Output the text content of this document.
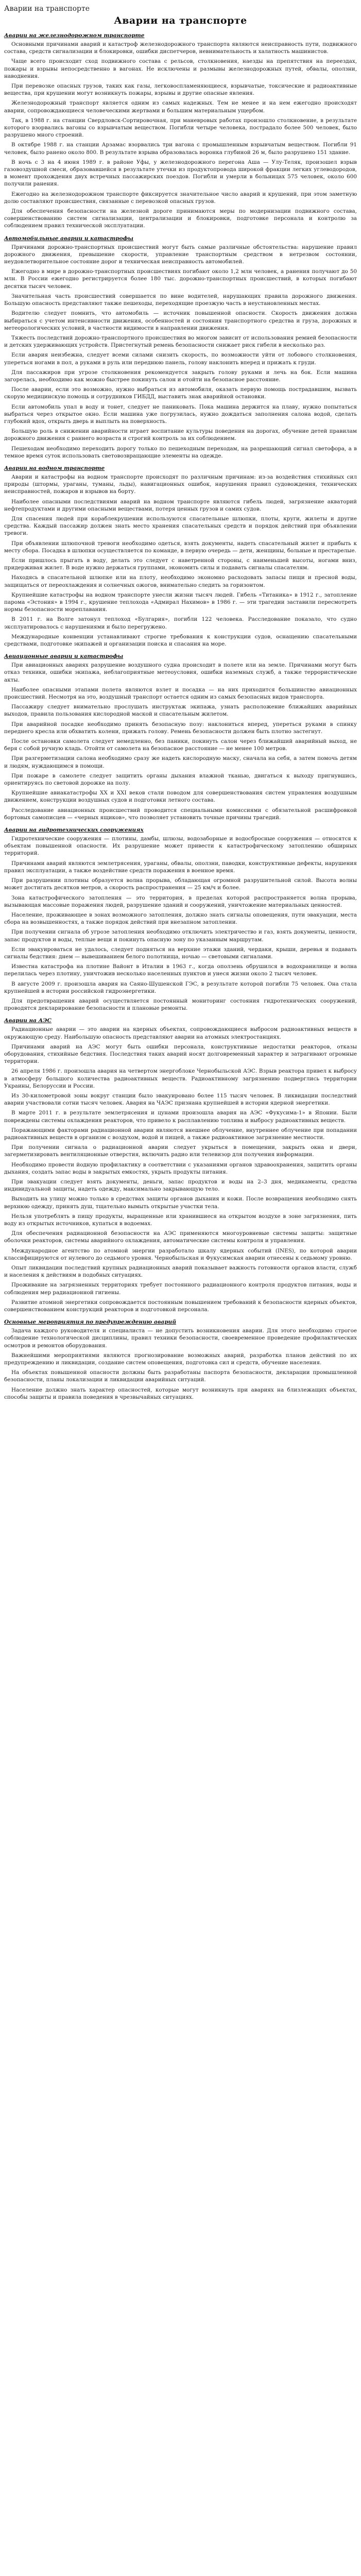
Аварии на транспорте
Аварии на транспорте
Аварии на железнодорожном транспорте

Основными причинами аварий и катастроф железнодорожного транспорта являются неисправность пути, подвижного состава, средств сигнализации и блокировки, ошибки диспетчеров, невнимательность и халатность машинистов.

Чаще всего происходит сход подвижного состава с рельсов, столкновения, наезды на препятствия на переездах, пожары и взрывы непосредственно в вагонах. Не исключены и размывы железнодорожных путей, обвалы, оползни, наводнения.

При перевозке опасных грузов, таких как газы, легковоспламеняющиеся, взрывчатые, токсические и радиоактивные вещества, при крушении могут возникнуть пожары, взрывы и другие опасные явления.

Железнодорожный транспорт является одним из самых надежных. Тем не менее и на нем ежегодно происходят аварии, сопровождающиеся человеческими жертвами и большим материальным ущербом.

Так, в 1988 г. на станции Свердловск-Сортировочная, при маневровых работах произошло столкновение, в результате которого взорвались вагоны со взрывчатым веществом. Погибли четыре человека, пострадало более 500 человек, было разрушено много строений.

В октябре 1988 г. на станции Арзамас взорвались три вагона с промышленным взрывчатым веществом. Погибли 91 человек, было ранено около 800. В результате взрыва образовалась воронка глубиной 26 м, было разрушено 151 здание.

В ночь с 3 на 4 июня 1989 г. в районе Уфы, у железнодорожного перегона Аша — Улу-Теляк, произошел взрыв газовоздушной смеси, образовавшейся в результате утечки из продуктопровода широкой фракции легких углеводородов, в момент прохождения двух встречных пассажирских поездов. Погибли и умерли в больницах 575 человек, около 600 получили ранения.

Ежегодно на железнодорожном транспорте фиксируется значительное число аварий и крушений, при этом заметную долю составляют происшествия, связанные с перевозкой опасных грузов.

Для обеспечения безопасности на железной дороге принимаются меры по модернизации подвижного состава, совершенствованию систем сигнализации, централизации и блокировки, подготовке персонала и контролю за соблюдением правил технической эксплуатации.

Автомобильные аварии и катастрофы

Причинами дорожно-транспортных происшествий могут быть самые различные обстоятельства: нарушение правил дорожного движения, превышение скорости, управление транспортным средством в нетрезвом состоянии, неудовлетворительное состояние дорог и техническая неисправность автомобилей.

Ежегодно в мире в дорожно-транспортных происшествиях погибают около 1,2 млн человек, а ранения получают до 50 млн. В России ежегодно регистрируется более 180 тыс. дорожно-транспортных происшествий, в которых погибают десятки тысяч человек.

Значительная часть происшествий совершается по вине водителей, нарушающих правила дорожного движения. Большую опасность представляют также пешеходы, переходящие проезжую часть в неустановленных местах.

Водителю следует помнить, что автомобиль — источник повышенной опасности. Скорость движения должна выбираться с учетом интенсивности движения, особенностей и состояния транспортного средства и груза, дорожных и метеорологических условий, в частности видимости в направлении движения.

Тяжесть последствий дорожно-транспортного происшествия во многом зависит от использования ремней безопасности и детских удерживающих устройств. Пристегнутый ремень безопасности снижает риск гибели в несколько раз.

Если авария неизбежна, следует всеми силами снизить скорость, по возможности уйти от лобового столкновения, упереться ногами в пол, а руками в руль или переднюю панель, голову наклонить вперед и прижать к груди.

Для пассажиров при угрозе столкновения рекомендуется закрыть голову руками и лечь на бок. Если машина загорелась, необходимо как можно быстрее покинуть салон и отойти на безопасное расстояние.

После аварии, если это возможно, нужно выбраться из автомобиля, оказать первую помощь пострадавшим, вызвать скорую медицинскую помощь и сотрудников ГИБДД, выставить знак аварийной остановки.

Если автомобиль упал в воду и тонет, следует не паниковать. Пока машина держится на плаву, нужно попытаться выбраться через открытое окно. Если машина уже погрузилась, нужно дождаться заполнения салона водой, сделать глубокий вдох, открыть дверь и выплыть на поверхность.

Большую роль в снижении аварийности играет воспитание культуры поведения на дорогах, обучение детей правилам дорожного движения с раннего возраста и строгий контроль за их соблюдением.

Пешеходам необходимо переходить дорогу только по пешеходным переходам, на разрешающий сигнал светофора, а в темное время суток использовать световозвращающие элементы на одежде.

Аварии на водном транспорте

Аварии и катастрофы на водном транспорте происходят по различным причинам: из-за воздействия стихийных сил природы (штормы, ураганы, туманы, льды), навигационных ошибок, нарушения правил судовождения, технических неисправностей, пожаров и взрывов на борту.

Наиболее опасными последствиями аварий на водном транспорте являются гибель людей, загрязнение акваторий нефтепродуктами и другими опасными веществами, потеря ценных грузов и самих судов.

Для спасения людей при кораблекрушении используются спасательные шлюпки, плоты, круги, жилеты и другие средства. Каждый пассажир должен знать место хранения спасательных средств и порядок действий при объявлении тревоги.

При объявлении шлюпочной тревоги необходимо одеться, взять документы, надеть спасательный жилет и прибыть к месту сбора. Посадка в шлюпки осуществляется по команде, в первую очередь — дети, женщины, больные и престарелые.

Если пришлось прыгать в воду, делать это следует с наветренной стороны, с наименьшей высоты, ногами вниз, придерживая жилет. В воде нужно держаться группами, экономить силы и подавать сигналы спасателям.

Находясь в спасательной шлюпке или на плоту, необходимо экономно расходовать запасы пищи и пресной воды, защищаться от переохлаждения и солнечных ожогов, внимательно следить за горизонтом.

Крупнейшие катастрофы на водном транспорте унесли жизни тысяч людей. Гибель «Титаника» в 1912 г., затопление парома «Эстония» в 1994 г., крушение теплохода «Адмирал Нахимов» в 1986 г. — эти трагедии заставили пересмотреть нормы безопасности мореплавания.

В 2011 г. на Волге затонул теплоход «Булгария», погибли 122 человека. Расследование показало, что судно эксплуатировалось с нарушениями и было перегружено.

Международные конвенции устанавливают строгие требования к конструкции судов, оснащению спасательными средствами, подготовке экипажей и организации поиска и спасания на море.

Авиационные аварии и катастрофы

При авиационных авариях разрушение воздушного судна происходит в полете или на земле. Причинами могут быть отказ техники, ошибки экипажа, неблагоприятные метеоусловия, ошибки наземных служб, а также террористические акты.

Наиболее опасными этапами полета являются взлет и посадка — на них приходится большинство авиационных происшествий. Несмотря на это, воздушный транспорт остается одним из самых безопасных видов транспорта.

Пассажиру следует внимательно прослушать инструктаж экипажа, узнать расположение ближайших аварийных выходов, правила пользования кислородной маской и спасательным жилетом.

При аварийной посадке необходимо принять безопасную позу: наклониться вперед, упереться руками в спинку переднего кресла или обхватить колени, прижать голову. Ремень безопасности должен быть плотно застегнут.

После остановки самолета следует немедленно, без паники, покинуть салон через ближайший аварийный выход, не беря с собой ручную кладь. Отойти от самолета на безопасное расстояние — не менее 100 метров.

При разгерметизации салона необходимо сразу же надеть кислородную маску, сначала на себя, а затем помочь детям и людям, нуждающимся в помощи.

При пожаре в самолете следует защитить органы дыхания влажной тканью, двигаться к выходу пригнувшись, ориентируясь по световой дорожке на полу.

Крупнейшие авиакатастрофы XX и XXI веков стали поводом для совершенствования систем управления воздушным движением, конструкции воздушных судов и подготовки летного состава.

Расследование авиационных происшествий проводится специальными комиссиями с обязательной расшифровкой бортовых самописцев — «черных ящиков», что позволяет установить точные причины трагедий.

Аварии на гидротехнических сооружениях

Гидротехнические сооружения — плотины, дамбы, шлюзы, водозаборные и водосбросные сооружения — относятся к объектам повышенной опасности. Их разрушение может привести к катастрофическому затоплению обширных территорий.

Причинами аварий являются землетрясения, ураганы, обвалы, оползни, паводки, конструктивные дефекты, нарушения правил эксплуатации, а также воздействие средств поражения в военное время.

При разрушении плотины образуется волна прорыва, обладающая огромной разрушительной силой. Высота волны может достигать десятков метров, а скорость распространения — 25 км/ч и более.

Зона катастрофического затопления — это территория, в пределах которой распространяется волна прорыва, вызывающая массовые поражения людей, разрушение зданий и сооружений, уничтожение материальных ценностей.

Население, проживающее в зонах возможного затопления, должно знать сигналы оповещения, пути эвакуации, места сбора на возвышенностях, а также порядок действий при внезапном затоплении.

При получении сигнала об угрозе затопления необходимо отключить электричество и газ, взять документы, ценности, запас продуктов и воды, теплые вещи и покинуть опасную зону по указанным маршрутам.

Если эвакуироваться не удалось, следует подняться на верхние этажи зданий, чердаки, крыши, деревья и подавать сигналы бедствия: днем — вывешиванием белого полотнища, ночью — световыми сигналами.

Известна катастрофа на плотине Вайонт в Италии в 1963 г., когда оползень обрушился в водохранилище и волна перелилась через плотину, уничтожив несколько населенных пунктов и унеся жизни около 2 тысяч человек.

В августе 2009 г. произошла авария на Саяно-Шушенской ГЭС, в результате которой погибли 75 человек. Она стала крупнейшей в истории российской гидроэнергетики.

Для предотвращения аварий осуществляется постоянный мониторинг состояния гидротехнических сооружений, проводятся декларирование безопасности и плановые ремонты.

Аварии на АЭС

Радиационные аварии — это аварии на ядерных объектах, сопровождающиеся выбросом радиоактивных веществ в окружающую среду. Наибольшую опасность представляют аварии на атомных электростанциях.

Причинами аварий на АЭС могут быть ошибки персонала, конструктивные недостатки реакторов, отказы оборудования, стихийные бедствия. Последствия таких аварий носят долговременный характер и затрагивают огромные территории.

26 апреля 1986 г. произошла авария на четвертом энергоблоке Чернобыльской АЭС. Взрыв реактора привел к выбросу в атмосферу большого количества радиоактивных веществ. Радиоактивному загрязнению подверглись территории Украины, Белоруссии и России.

Из 30-километровой зоны вокруг станции было эвакуировано более 115 тысяч человек. В ликвидации последствий аварии участвовали сотни тысяч человек. Авария на ЧАЭС признана крупнейшей в истории ядерной энергетики.

В марте 2011 г. в результате землетрясения и цунами произошла авария на АЭС «Фукусима-1» в Японии. Были повреждены системы охлаждения реакторов, что привело к расплавлению топлива и выбросу радиоактивных веществ.

Поражающими факторами радиационной аварии являются внешнее облучение, внутреннее облучение при попадании радиоактивных веществ в организм с воздухом, водой и пищей, а также радиоактивное загрязнение местности.

При получении сигнала о радиационной аварии следует укрыться в помещении, закрыть окна и двери, загерметизировать вентиляционные отверстия, включить радио или телевизор для получения информации.

Необходимо провести йодную профилактику в соответствии с указаниями органов здравоохранения, защитить органы дыхания, создать запас воды в закрытых емкостях, укрыть продукты питания.

При эвакуации следует взять документы, деньги, запас продуктов и воды на 2–3 дня, медикаменты, средства индивидуальной защиты, надеть одежду, максимально закрывающую тело.

Выходить на улицу можно только в средствах защиты органов дыхания и кожи. После возвращения необходимо снять верхнюю одежду, принять душ, тщательно вымыть открытые участки тела.

Нельзя употреблять в пищу продукты, выращенные или хранившиеся на открытом воздухе в зоне загрязнения, пить воду из открытых источников, купаться в водоемах.

Для обеспечения радиационной безопасности на АЭС применяются многоуровневые системы защиты: защитные оболочки реакторов, системы аварийного охлаждения, автоматические системы контроля и управления.

Международное агентство по атомной энергии разработало шкалу ядерных событий (INES), по которой аварии классифицируются от нулевого до седьмого уровня. Чернобыльская и Фукусимская аварии отнесены к седьмому уровню.

Опыт ликвидации последствий крупных радиационных аварий показывает важность готовности органов власти, служб и населения к действиям в подобных ситуациях.

Проживание на загрязненных территориях требует постоянного радиационного контроля продуктов питания, воды и соблюдения мер радиационной гигиены.

Развитие атомной энергетики сопровождается постоянным повышением требований к безопасности ядерных объектов, совершенствованием конструкций реакторов и подготовкой персонала.

Основные мероприятия по предупреждению аварий

Задача каждого руководителя и специалиста — не допустить возникновения аварии. Для этого необходимо строгое соблюдение технологической дисциплины, правил техники безопасности, своевременное проведение профилактических осмотров и ремонтов оборудования.

Важнейшими мероприятиями являются прогнозирование возможных аварий, разработка планов действий по их предупреждению и ликвидации, создание систем оповещения, подготовка сил и средств, обучение населения.

На объектах повышенной опасности должны быть разработаны паспорта безопасности, декларации промышленной безопасности, планы локализации и ликвидации аварийных ситуаций.

Население должно знать характер опасностей, которые могут возникнуть при авариях на близлежащих объектах, способы защиты и правила поведения в чрезвычайных ситуациях.
